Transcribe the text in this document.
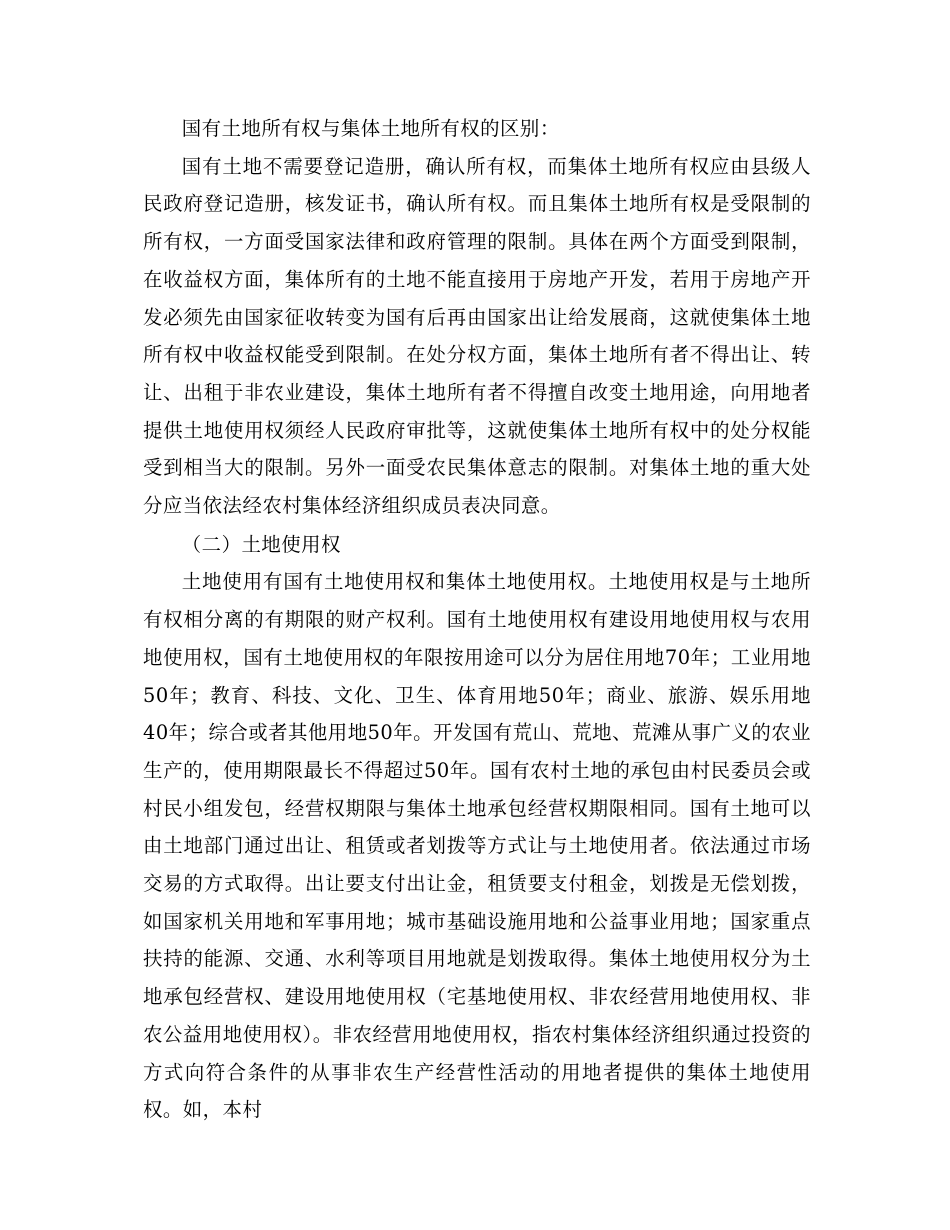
国有土地所有权与集体土地所有权的区别：

国有土地不需要登记造册，确认所有权，而集体土地所有权应由县级人民政府登记造册，核发证书，确认所有权。而且集体土地所有权是受限制的所有权，一方面受国家法律和政府管理的限制。具体在两个方面受到限制，在收益权方面，集体所有的土地不能直接用于房地产开发，若用于房地产开发必须先由国家征收转变为国有后再由国家出让给发展商，这就使集体土地所有权中收益权能受到限制。在处分权方面，集体土地所有者不得出让、转让、出租于非农业建设，集体土地所有者不得擅自改变土地用途，向用地者提供土地使用权须经人民政府审批等，这就使集体土地所有权中的处分权能受到相当大的限制。另外一面受农民集体意志的限制。对集体土地的重大处分应当依法经农村集体经济组织成员表决同意。

（二）土地使用权

土地使用有国有土地使用权和集体土地使用权。土地使用权是与土地所有权相分离的有期限的财产权利。国有土地使用权有建设用地使用权与农用地使用权，国有土地使用权的年限按用途可以分为居住用地70年；工业用地50年；教育、科技、文化、卫生、体育用地50年；商业、旅游、娱乐用地40年；综合或者其他用地50年。开发国有荒山、荒地、荒滩从事广义的农业生产的，使用期限最长不得超过50年。国有农村土地的承包由村民委员会或村民小组发包，经营权期限与集体土地承包经营权期限相同。国有土地可以由土地部门通过出让、租赁或者划拨等方式让与土地使用者。依法通过市场交易的方式取得。出让要支付出让金，租赁要支付租金，划拨是无偿划拨，如国家机关用地和军事用地；城市基础设施用地和公益事业用地；国家重点扶持的能源、交通、水利等项目用地就是划拨取得。集体土地使用权分为土地承包经营权、建设用地使用权（宅基地使用权、非农经营用地使用权、非农公益用地使用权）。非农经营用地使用权，指农村集体经济组织通过投资的方式向符合条件的从事非农生产经营性活动的用地者提供的集体土地使用权。如，本村
